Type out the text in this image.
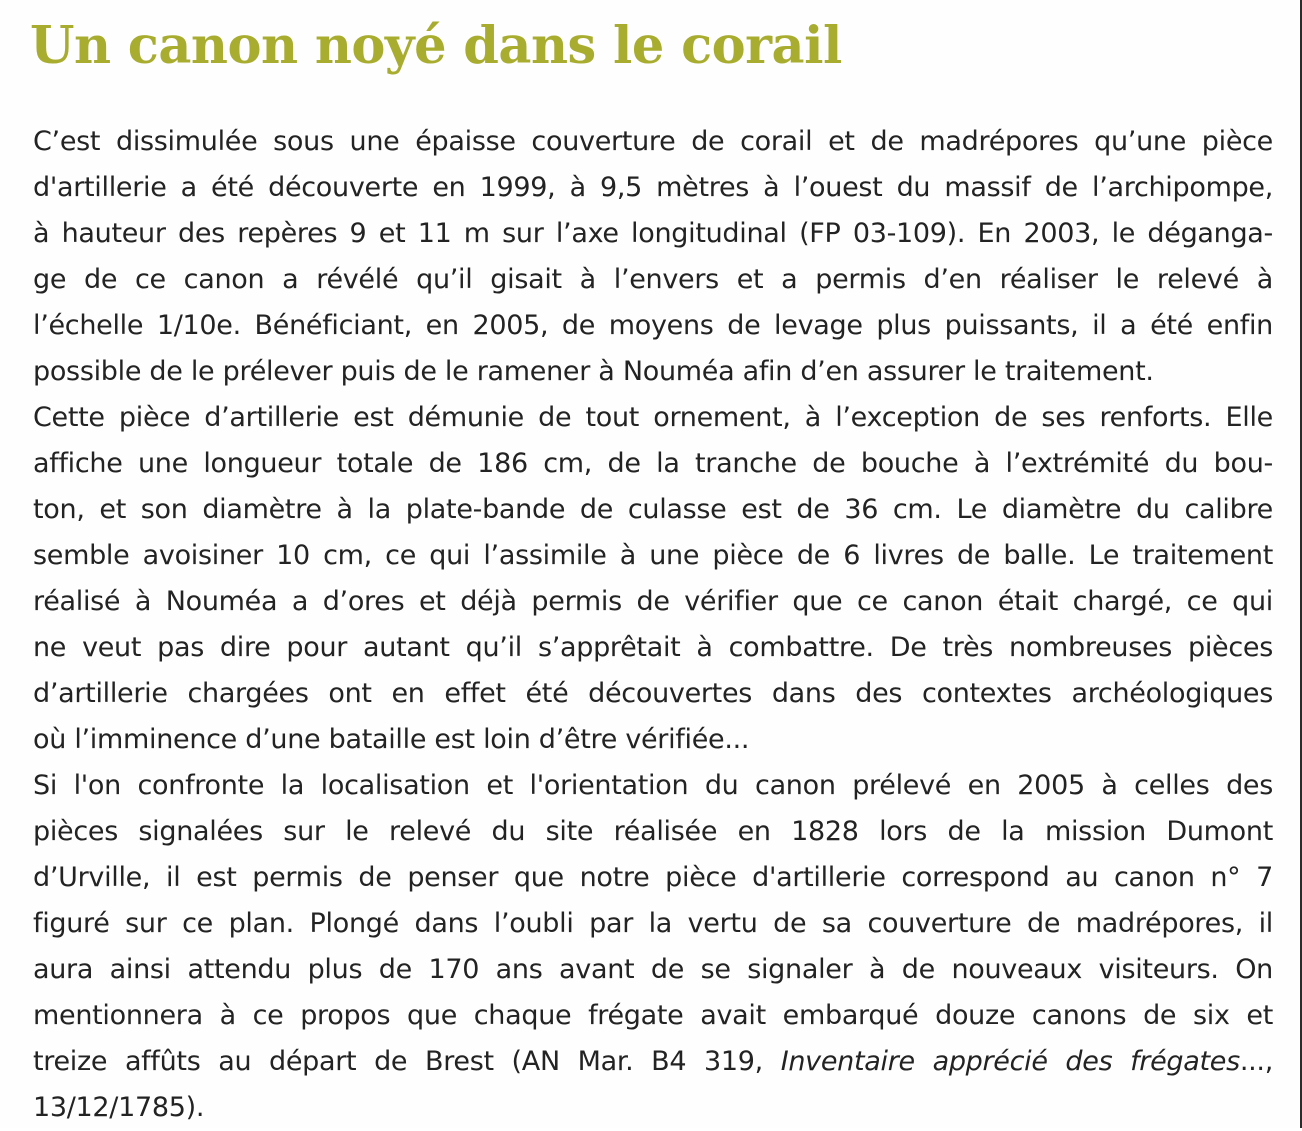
Un canon noyé dans le corail

C’est dissimulée sous une épaisse couverture de corail et de madrépores qu’une pièce
d'artillerie a été découverte en 1999, à 9,5 mètres à l’ouest du massif de l’archipompe,
à hauteur des repères 9 et 11 m sur l’axe longitudinal (FP 03-109). En 2003, le déganga-
ge de ce canon a révélé qu’il gisait à l’envers et a permis d’en réaliser le relevé à
l’échelle 1/10e. Bénéficiant, en 2005, de moyens de levage plus puissants, il a été enfin
possible de le prélever puis de le ramener à Nouméa afin d’en assurer le traitement.

Cette pièce d’artillerie est démunie de tout ornement, à l’exception de ses renforts. Elle
affiche une longueur totale de 186 cm, de la tranche de bouche à l’extrémité du bou-
ton, et son diamètre à la plate-bande de culasse est de 36 cm. Le diamètre du calibre
semble avoisiner 10 cm, ce qui l’assimile à une pièce de 6 livres de balle. Le traitement
réalisé à Nouméa a d’ores et déjà permis de vérifier que ce canon était chargé, ce qui
ne veut pas dire pour autant qu’il s’apprêtait à combattre. De très nombreuses pièces
d’artillerie chargées ont en effet été découvertes dans des contextes archéologiques
où l’imminence d’une bataille est loin d’être vérifiée...

Si l'on confronte la localisation et l'orientation du canon prélevé en 2005 à celles des
pièces signalées sur le relevé du site réalisée en 1828 lors de la mission Dumont
d’Urville, il est permis de penser que notre pièce d'artillerie correspond au canon n° 7
figuré sur ce plan. Plongé dans l’oubli par la vertu de sa couverture de madrépores, il
aura ainsi attendu plus de 170 ans avant de se signaler à de nouveaux visiteurs. On
mentionnera à ce propos que chaque frégate avait embarqué douze canons de six et
treize affûts au départ de Brest (AN Mar. B4 319, Inventaire apprécié des frégates...,
13/12/1785).
